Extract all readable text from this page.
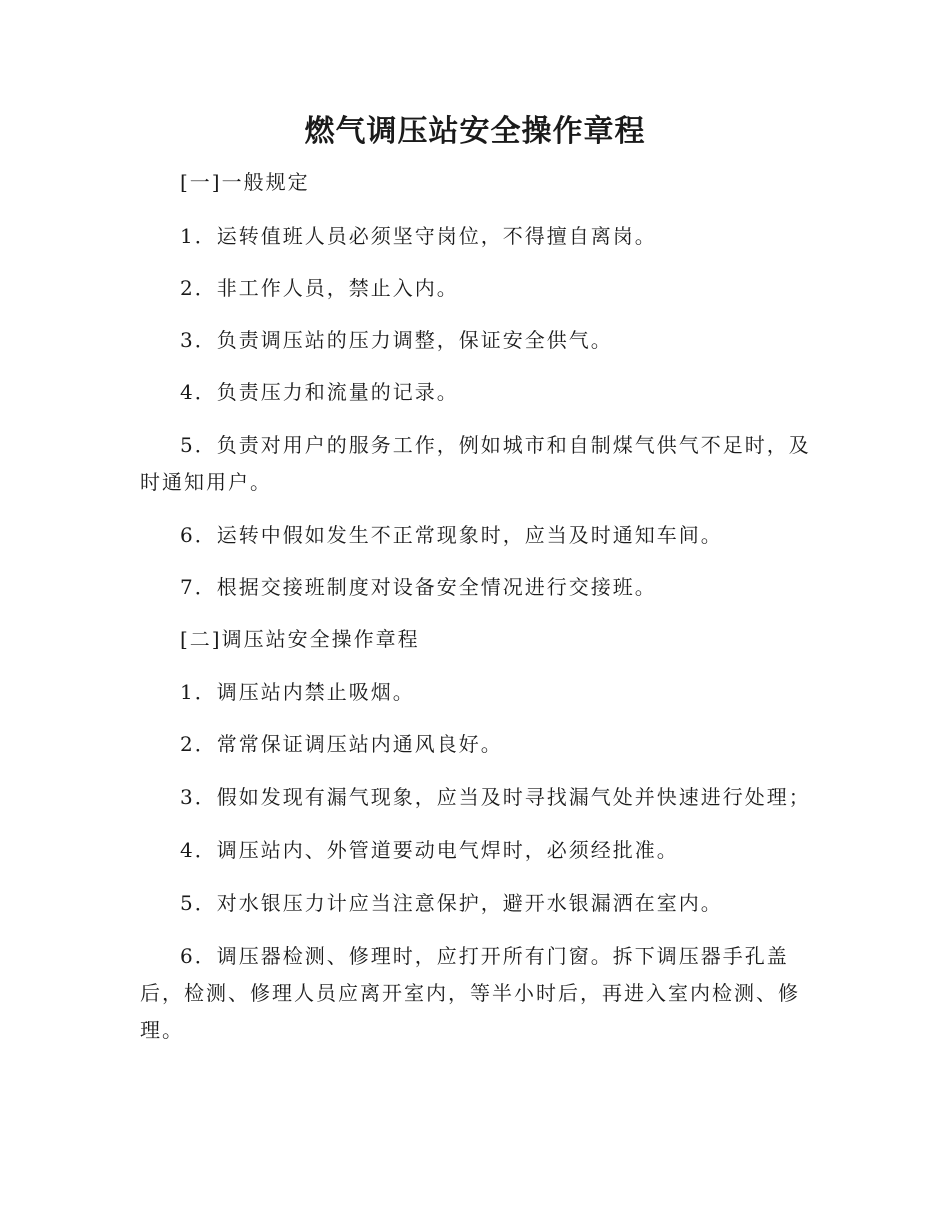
燃气调压站安全操作章程

[一]一般规定

1．运转值班人员必须坚守岗位，不得擅自离岗。

2．非工作人员，禁止入内。

3．负责调压站的压力调整，保证安全供气。

4．负责压力和流量的记录。

5．负责对用户的服务工作，例如城市和自制煤气供气不足时，及

时通知用户。

6．运转中假如发生不正常现象时，应当及时通知车间。

7．根据交接班制度对设备安全情况进行交接班。

[二]调压站安全操作章程

1．调压站内禁止吸烟。

2．常常保证调压站内通风良好。

3．假如发现有漏气现象，应当及时寻找漏气处并快速进行处理；

4．调压站内、外管道要动电气焊时，必须经批准。

5．对水银压力计应当注意保护，避开水银漏洒在室内。

6．调压器检测、修理时，应打开所有门窗。拆下调压器手孔盖

后，检测、修理人员应离开室内，等半小时后，再进入室内检测、修

理。
